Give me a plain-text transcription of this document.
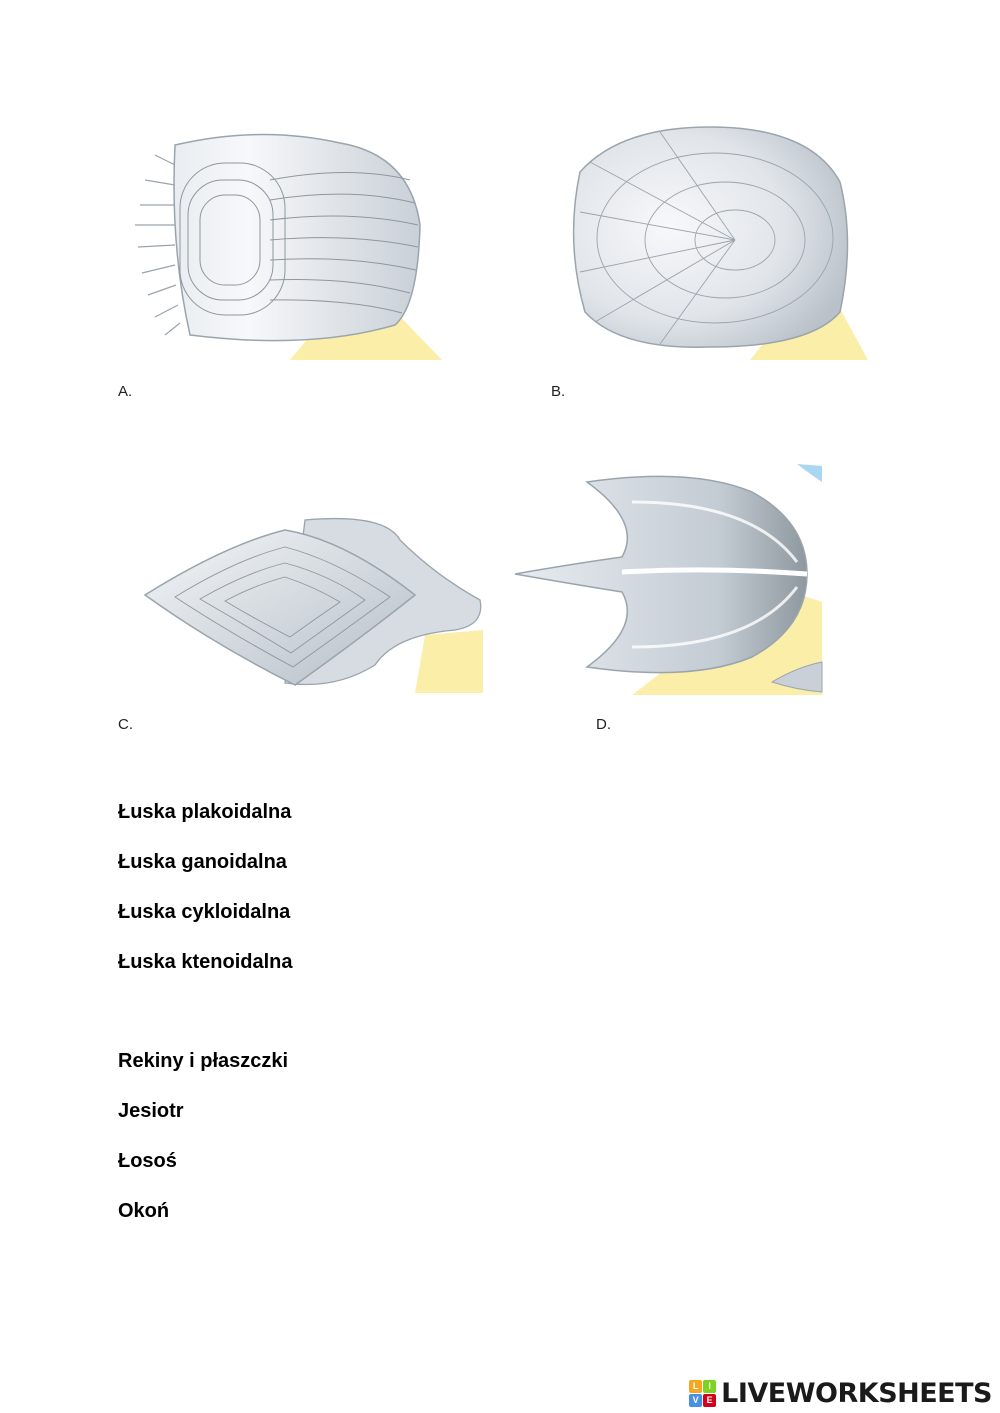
A.	B.
C.	D.
Łuska plakoidalna
Łuska ganoidalna
Łuska cykloidalna
Łuska ktenoidalna
Rekiny i płaszczki
Jesiotr
Łosoś
Okoń
L	I
V E LIVEWORKSHEETS
